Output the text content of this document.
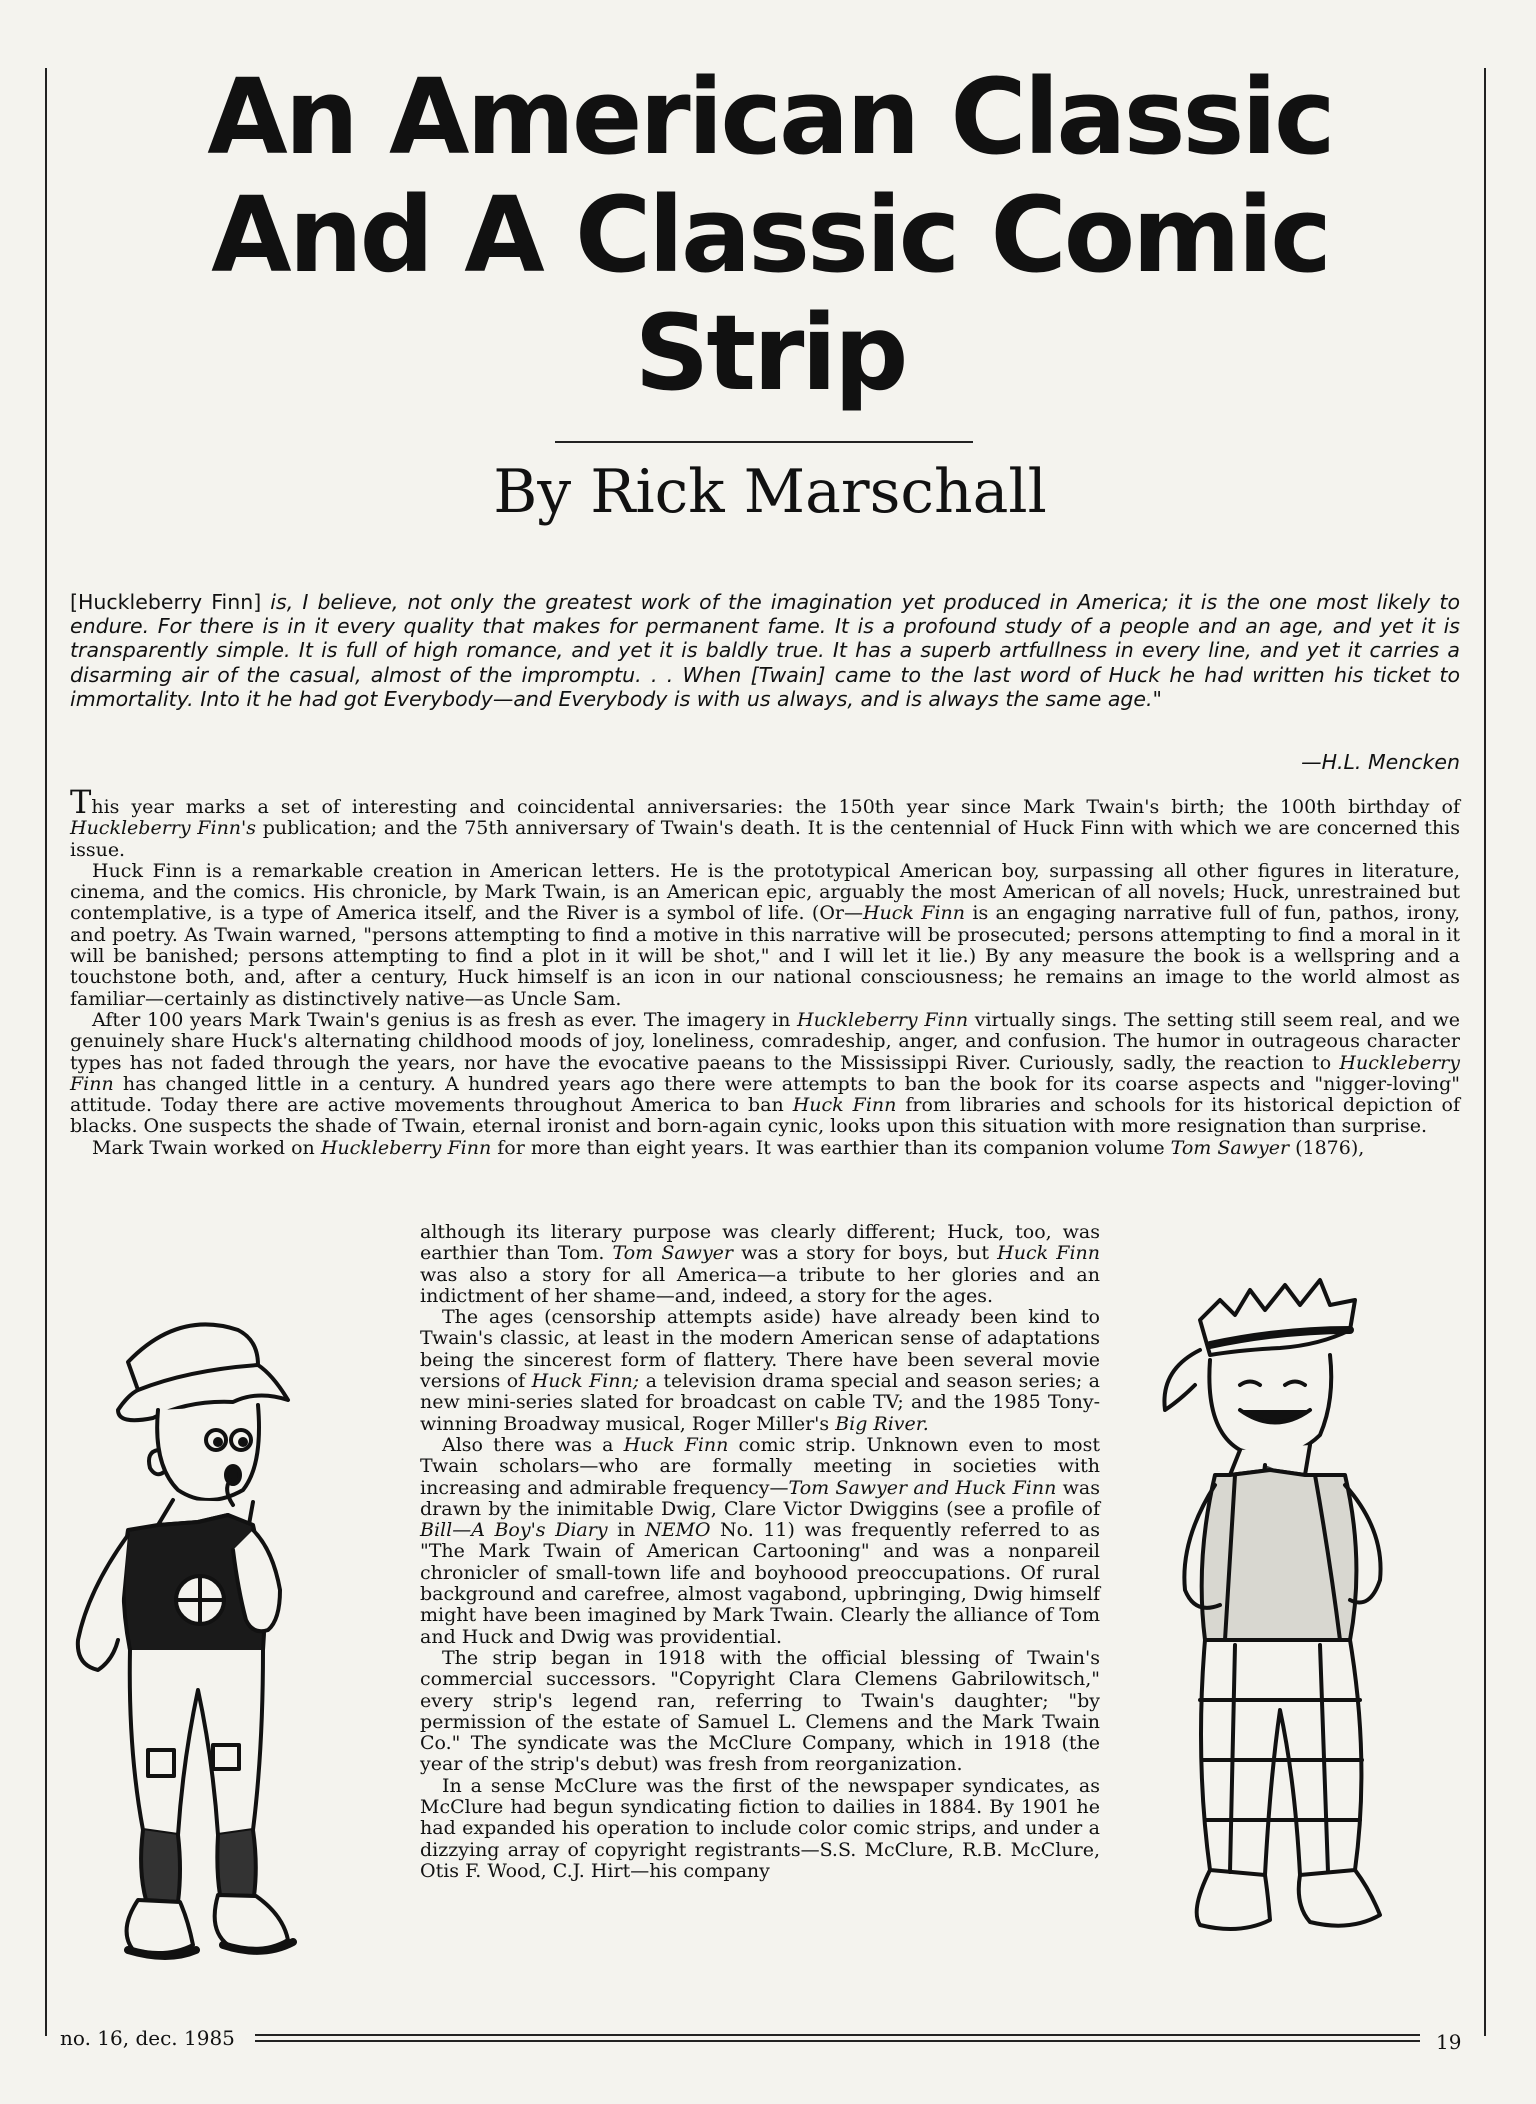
An American Classic
And A Classic Comic Strip
By Rick Marschall

[Huckleberry Finn] is, I believe, not only the greatest work of the imagination yet produced in America; it is the one most likely to endure. For there is in it every quality that makes for permanent fame. It is a profound study of a people and an age, and yet it is transparently simple. It is full of high romance, and yet it is baldly true. It has a superb artfullness in every line, and yet it carries a disarming air of the casual, almost of the impromptu. . . When [Twain] came to the last word of Huck he had written his ticket to immortality. Into it he had got Everybody—and Everybody is with us always, and is always the same age."

—H.L. Mencken

This year marks a set of interesting and coincidental anniversaries: the 150th year since Mark Twain's birth; the 100th birthday of Huckleberry Finn's publication; and the 75th anniversary of Twain's death. It is the centennial of Huck Finn with which we are concerned this issue.

Huck Finn is a remarkable creation in American letters. He is the prototypical American boy, surpassing all other figures in literature, cinema, and the comics. His chronicle, by Mark Twain, is an American epic, arguably the most American of all novels; Huck, unrestrained but contemplative, is a type of America itself, and the River is a symbol of life. (Or—Huck Finn is an engaging narrative full of fun, pathos, irony, and poetry. As Twain warned, "persons attempting to find a motive in this narrative will be prosecuted; persons attempting to find a moral in it will be banished; persons attempting to find a plot in it will be shot," and I will let it lie.) By any measure the book is a wellspring and a touchstone both, and, after a century, Huck himself is an icon in our national consciousness; he remains an image to the world almost as familiar—certainly as distinctively native—as Uncle Sam.

After 100 years Mark Twain's genius is as fresh as ever. The imagery in Huckleberry Finn virtually sings. The setting still seem real, and we genuinely share Huck's alternating childhood moods of joy, loneliness, comradeship, anger, and confusion. The humor in outrageous character types has not faded through the years, nor have the evocative paeans to the Mississippi River. Curiously, sadly, the reaction to Huckleberry Finn has changed little in a century. A hundred years ago there were attempts to ban the book for its coarse aspects and "nigger-loving" attitude. Today there are active movements throughout America to ban Huck Finn from libraries and schools for its historical depiction of blacks. One suspects the shade of Twain, eternal ironist and born-again cynic, looks upon this situation with more resignation than surprise.

Mark Twain worked on Huckleberry Finn for more than eight years. It was earthier than its companion volume Tom Sawyer (1876),

although its literary purpose was clearly different; Huck, too, was earthier than Tom. Tom Sawyer was a story for boys, but Huck Finn was also a story for all America—a tribute to her glories and an indictment of her shame—and, indeed, a story for the ages.

The ages (censorship attempts aside) have already been kind to Twain's classic, at least in the modern American sense of adaptations being the sincerest form of flattery. There have been several movie versions of Huck Finn; a television drama special and season series; a new mini-series slated for broadcast on cable TV; and the 1985 Tony-winning Broadway musical, Roger Miller's Big River.

Also there was a Huck Finn comic strip. Unknown even to most Twain scholars—who are formally meeting in societies with increasing and admirable frequency—Tom Sawyer and Huck Finn was drawn by the inimitable Dwig, Clare Victor Dwiggins (see a profile of Bill—A Boy's Diary in NEMO No. 11) was frequently referred to as "The Mark Twain of American Cartooning" and was a nonpareil chronicler of small-town life and boyhoood preoccupations. Of rural background and carefree, almost vagabond, upbringing, Dwig himself might have been imagined by Mark Twain. Clearly the alliance of Tom and Huck and Dwig was providential.

The strip began in 1918 with the official blessing of Twain's commercial successors. "Copyright Clara Clemens Gabrilowitsch," every strip's legend ran, referring to Twain's daughter; "by permission of the estate of Samuel L. Clemens and the Mark Twain Co." The syndicate was the McClure Company, which in 1918 (the year of the strip's debut) was fresh from reorganization.

In a sense McClure was the first of the newspaper syndicates, as McClure had begun syndicating fiction to dailies in 1884. By 1901 he had expanded his operation to include color comic strips, and under a dizzying array of copyright registrants—S.S. McClure, R.B. McClure, Otis F. Wood, C.J. Hirt—his company

no. 16, dec. 1985	19
